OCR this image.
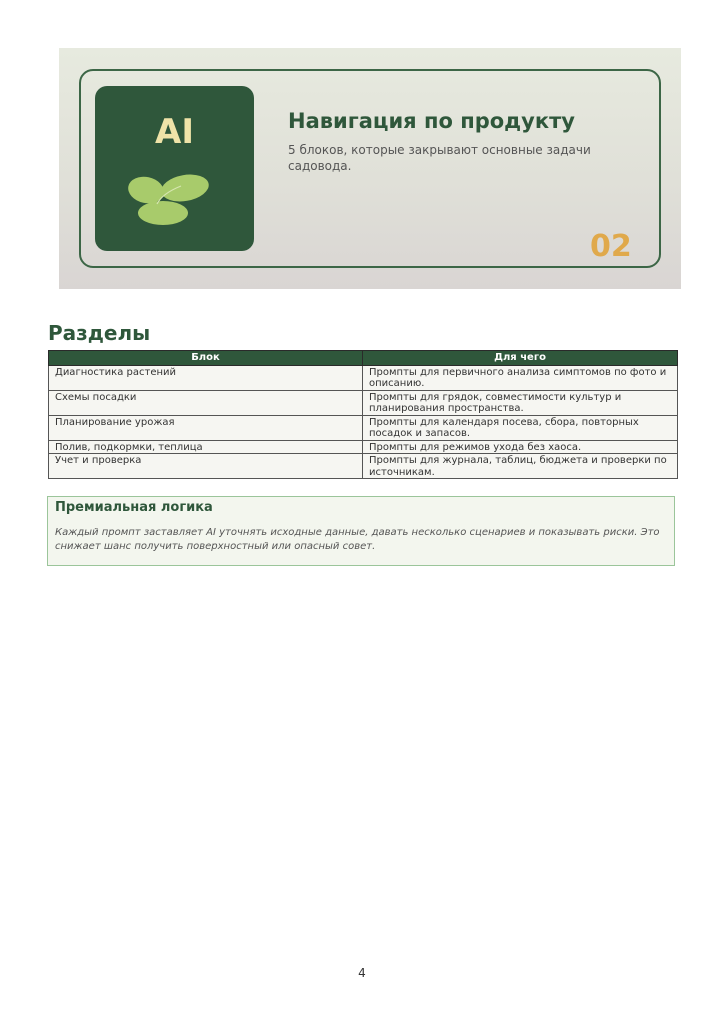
AI	Навигация по продукту
5 блоков, которые закрывают основные задачи садовода.
02
Разделы
Блок	Для чего
Диагностика растений	Промпты для первичного анализа симптомов по фото и описанию.
Схемы посадки	Промпты для грядок, совместимости культур и планирования пространства.
Планирование урожая	Промпты для календаря посева, сбора, повторных посадок и запасов.
Полив, подкормки, теплица	Промпты для режимов ухода без хаоса.
Учет и проверка	Промпты для журнала, таблиц, бюджета и проверки по источникам.
Премиальная логика
Каждый промпт заставляет AI уточнять исходные данные, давать несколько сценариев и показывать риски. Это снижает шанс получить поверхностный или опасный совет.
4
